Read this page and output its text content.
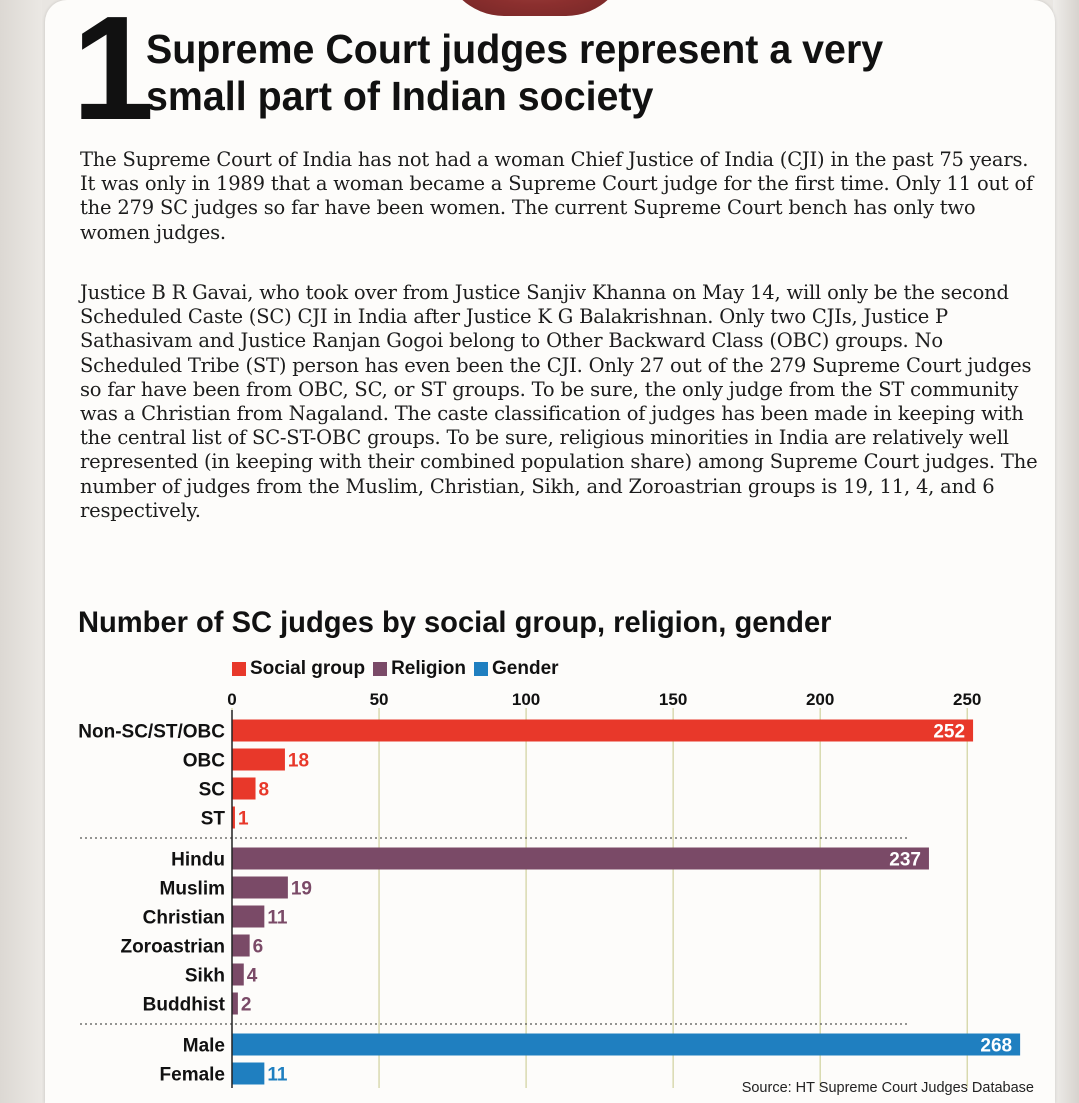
1
Supreme Court judges represent a very small part of Indian society
The Supreme Court of India has not had a woman Chief Justice of India (CJI) in the past 75 years. It was only in 1989 that a woman became a Supreme Court judge for the first time. Only 11 out of the 279 SC judges so far have been women. The current Supreme Court bench has only two women judges.
Justice B R Gavai, who took over from Justice Sanjiv Khanna on May 14, will only be the second Scheduled Caste (SC) CJI in India after Justice K G Balakrishnan. Only two CJIs, Justice P Sathasivam and Justice Ranjan Gogoi belong to Other Backward Class (OBC) groups. No Scheduled Tribe (ST) person has even been the CJI. Only 27 out of the 279 Supreme Court judges so far have been from OBC, SC, or ST groups. To be sure, the only judge from the ST community was a Christian from Nagaland. The caste classification of judges has been made in keeping with the central list of SC-ST-OBC groups. To be sure, religious minorities in India are relatively well represented (in keeping with their combined population share) among Supreme Court judges. The number of judges from the Muslim, Christian, Sikh, and Zoroastrian groups is 19, 11, 4, and 6 respectively.
Number of SC judges by social group, religion, gender
Social group Religion Gender
0	50	100	150	200	250
Non-SC/ST/OBC	252
OBC	18
SC 8
ST 1
Hindu	237
Muslim	19
Christian 11
Zoroastrian 6
Sikh 4
Buddhist 2
Male	268
Female 11
Source: HT Supreme Court Judges Database
